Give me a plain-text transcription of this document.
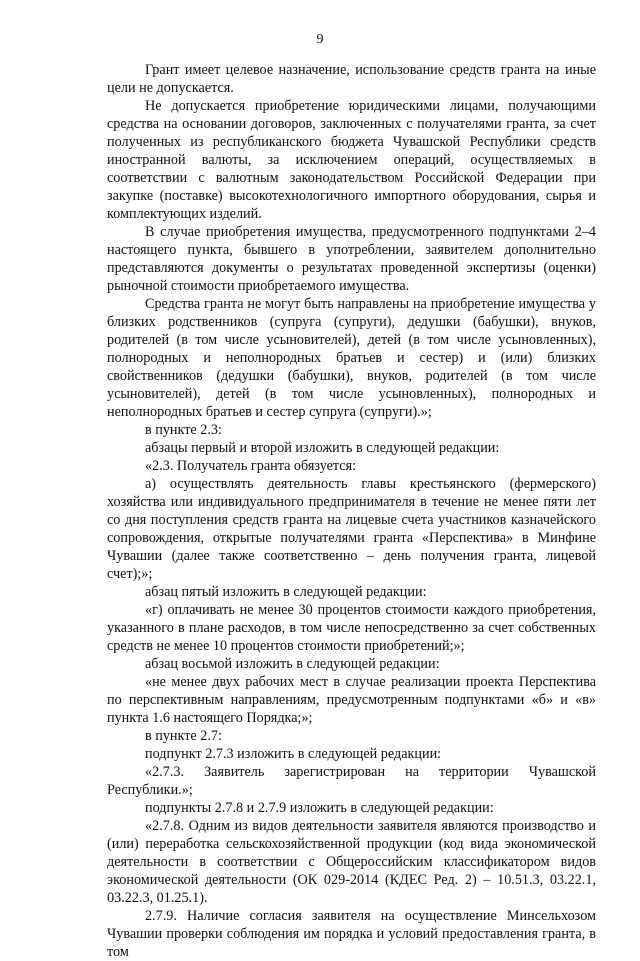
9

Грант имеет целевое назначение, использование средств гранта на иные цели не допускается.

Не допускается приобретение юридическими лицами, получающими средства на основании договоров, заключенных с получателями гранта, за счет полученных из республиканского бюджета Чувашской Республики средств иностранной валюты, за исключением операций, осуществляемых в соответствии с валютным законодательством Российской Федерации при закупке (поставке) высокотехнологичного импортного оборудования, сырья и комплектующих изделий.

В случае приобретения имущества, предусмотренного подпунктами 2–4 настоящего пункта, бывшего в употреблении, заявителем дополнительно представляются документы о результатах проведенной экспертизы (оценки) рыночной стоимости приобретаемого имущества.

Средства гранта не могут быть направлены на приобретение имущества у близких родственников (супруга (супруги), дедушки (бабушки), внуков, родителей (в том числе усыновителей), детей (в том числе усыновленных), полнородных и неполнородных братьев и сестер) и (или) близких свойственников (дедушки (бабушки), внуков, родителей (в том числе усыновителей), детей (в том числе усыновленных), полнородных и неполнородных братьев и сестер супруга (супруги).»;

в пункте 2.3:

абзацы первый и второй изложить в следующей редакции:

«2.3. Получатель гранта обязуется:

а) осуществлять деятельность главы крестьянского (фермерского) хозяйства или индивидуального предпринимателя в течение не менее пяти лет со дня поступления средств гранта на лицевые счета участников казначейского сопровождения, открытые получателями гранта «Перспектива» в Минфине Чувашии (далее также соответственно – день получения гранта, лицевой счет);»;

абзац пятый изложить в следующей редакции:

«г) оплачивать не менее 30 процентов стоимости каждого приобретения, указанного в плане расходов, в том числе непосредственно за счет собственных средств не менее 10 процентов стоимости приобретений;»;

абзац восьмой изложить в следующей редакции:

«не менее двух рабочих мест в случае реализации проекта Перспектива по перспективным направлениям, предусмотренным подпунктами «б» и «в» пункта 1.6 настоящего Порядка;»;

в пункте 2.7:

подпункт 2.7.3 изложить в следующей редакции:

«2.7.3. Заявитель зарегистрирован на территории Чувашской Республики.»;

подпункты 2.7.8 и 2.7.9 изложить в следующей редакции:

«2.7.8. Одним из видов деятельности заявителя являются производство и (или) переработка сельскохозяйственной продукции (код вида экономической деятельности в соответствии с Общероссийским классификатором видов экономической деятельности (ОК 029-2014 (КДЕС Ред. 2) – 10.51.3, 03.22.1, 03.22.3, 01.25.1).

2.7.9. Наличие согласия заявителя на осуществление Минсельхозом Чувашии проверки соблюдения им порядка и условий предоставления гранта, в том
